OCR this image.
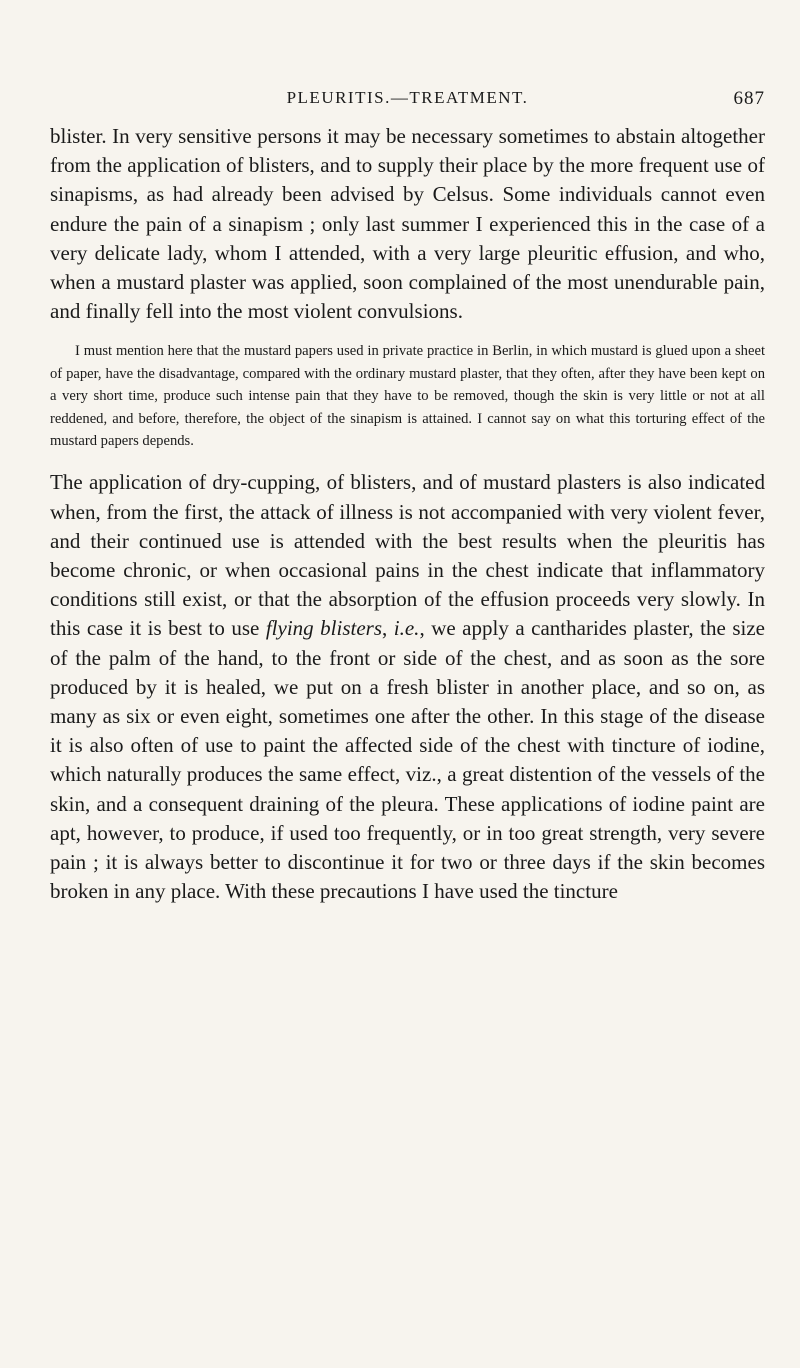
PLEURITIS.—TREATMENT.	687

blister. In very sensitive persons it may be necessary sometimes to abstain altogether from the application of blisters, and to supply their place by the more frequent use of sinapisms, as had already been advised by Celsus. Some individuals cannot even endure the pain of a sinapism ; only last summer I experienced this in the case of a very delicate lady, whom I attended, with a very large pleuritic effusion, and who, when a mustard plaster was applied, soon complained of the most unendurable pain, and finally fell into the most violent convulsions.

I must mention here that the mustard papers used in private practice in Berlin, in which mustard is glued upon a sheet of paper, have the disadvantage, compared with the ordinary mustard plaster, that they often, after they have been kept on a very short time, produce such intense pain that they have to be removed, though the skin is very little or not at all reddened, and before, therefore, the object of the sinapism is attained. I cannot say on what this torturing effect of the mustard papers depends.

The application of dry-cupping, of blisters, and of mustard plasters is also indicated when, from the first, the attack of illness is not accompanied with very violent fever, and their continued use is attended with the best results when the pleuritis has become chronic, or when occasional pains in the chest indicate that inflammatory conditions still exist, or that the absorption of the effusion proceeds very slowly. In this case it is best to use flying blisters, i.e., we apply a cantharides plaster, the size of the palm of the hand, to the front or side of the chest, and as soon as the sore produced by it is healed, we put on a fresh blister in another place, and so on, as many as six or even eight, sometimes one after the other. In this stage of the disease it is also often of use to paint the affected side of the chest with tincture of iodine, which naturally produces the same effect, viz., a great distention of the vessels of the skin, and a consequent draining of the pleura. These applications of iodine paint are apt, however, to produce, if used too frequently, or in too great strength, very severe pain ; it is always better to discontinue it for two or three days if the skin becomes broken in any place. With these precautions I have used the tincture
